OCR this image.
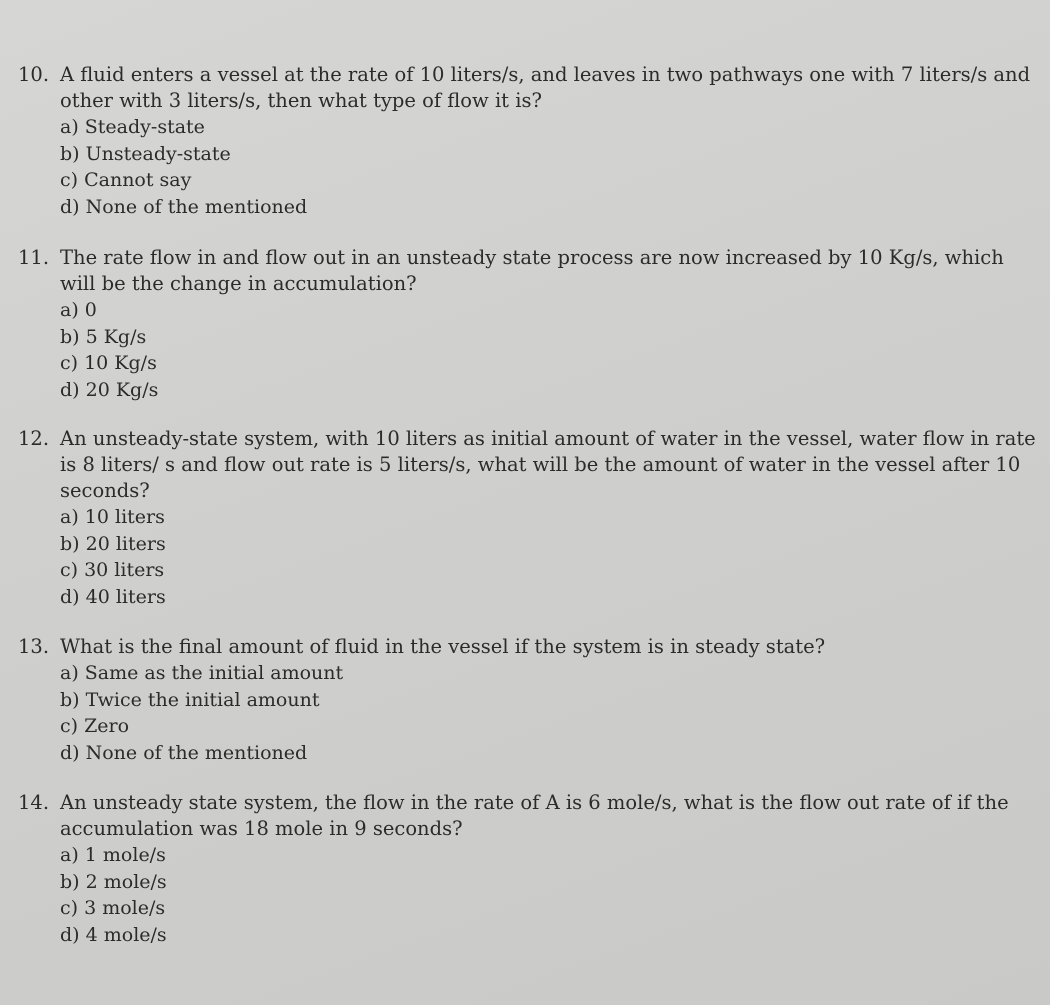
10. A fluid enters a vessel at the rate of 10 liters/s, and leaves in two pathways one with 7 liters/s and
other with 3 liters/s, then what type of flow it is?
a) Steady-state
b) Unsteady-state
c) Cannot say
d) None of the mentioned
11. The rate flow in and flow out in an unsteady state process are now increased by 10 Kg/s, which
will be the change in accumulation?
a) 0
b) 5 Kg/s
c) 10 Kg/s
d) 20 Kg/s
12. An unsteady-state system, with 10 liters as initial amount of water in the vessel, water flow in rate
is 8 liters/ s and flow out rate is 5 liters/s, what will be the amount of water in the vessel after 10
seconds?
a) 10 liters
b) 20 liters
c) 30 liters
d) 40 liters
13. What is the final amount of fluid in the vessel if the system is in steady state?
a) Same as the initial amount
b) Twice the initial amount
c) Zero
d) None of the mentioned
14. An unsteady state system, the flow in the rate of A is 6 mole/s, what is the flow out rate of if the
accumulation was 18 mole in 9 seconds?
a) 1 mole/s
b) 2 mole/s
c) 3 mole/s
d) 4 mole/s
